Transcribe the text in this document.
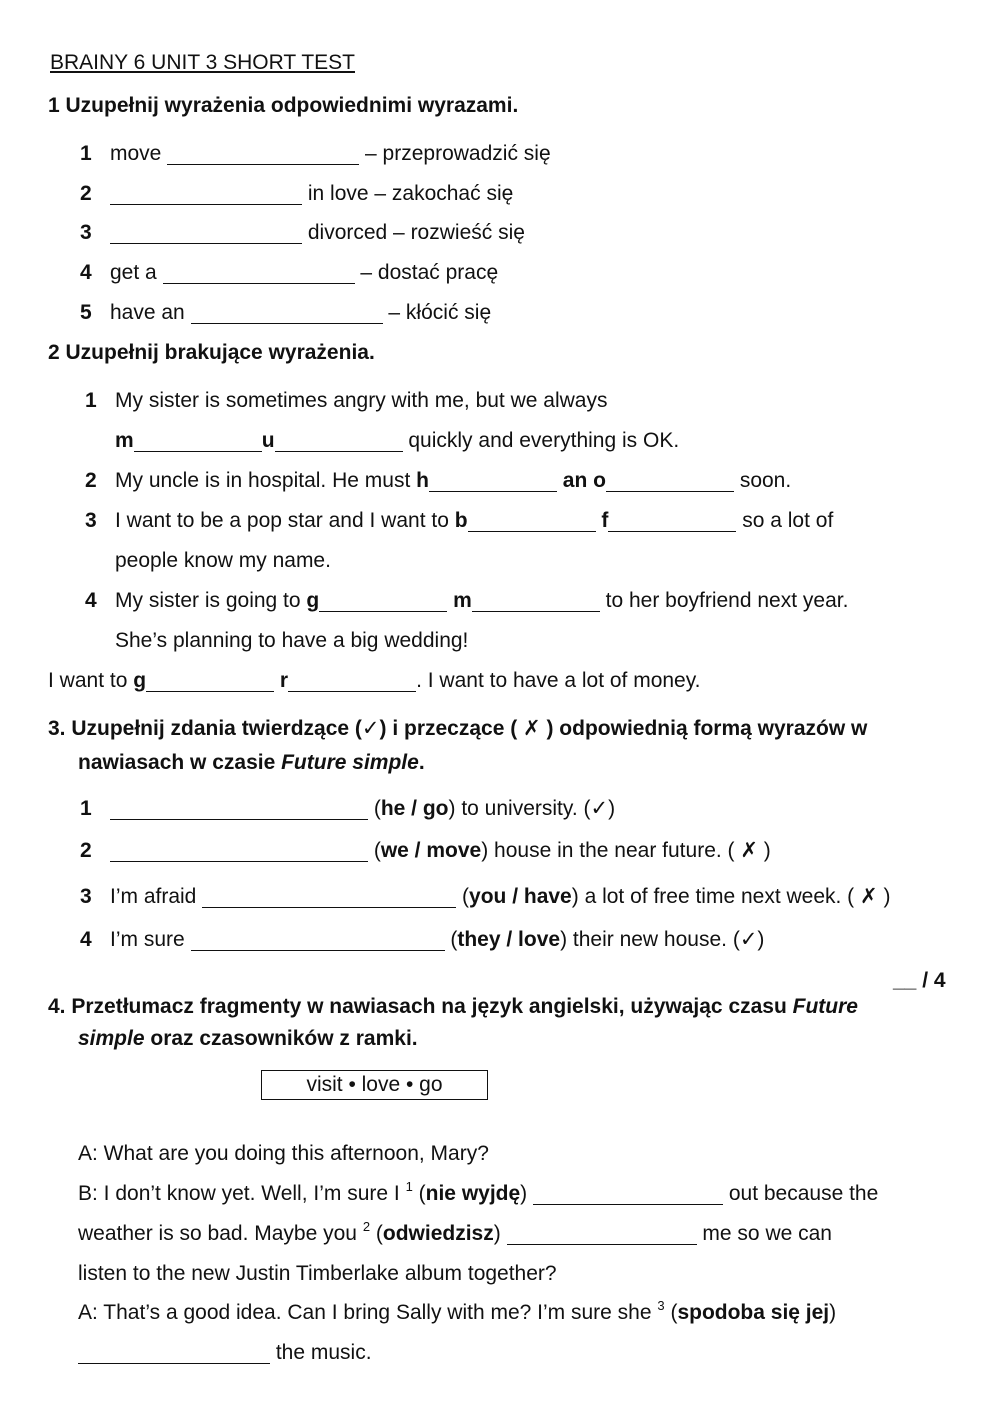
BRAINY 6 UNIT 3 SHORT TEST
1 Uzupełnij wyrażenia odpowiednimi wyrazami.
1 move	– przeprowadzić się
2	in love – zakochać się
3	divorced – rozwieść się
4 get a	– dostać pracę
5 have an	– kłócić się
2 Uzupełnij brakujące wyrażenia.
1 My sister is sometimes angry with me, but we always
m	u	quickly and everything is OK.
2 My uncle is in hospital. He must h	an o	soon.
3 I want to be a pop star and I want to b	f	so a lot of
people know my name.
4 My sister is going to g	m	to her boyfriend next year.
She’s planning to have a big wedding!
I want to g	r	. I want to have a lot of money.
3. Uzupełnij zdania twierdzące (✓) i przeczące ( ✗ ) odpowiednią formą wyrazów w
nawiasach w czasie Future simple.
1	(he / go) to university. (✓)
2	(we / move) house in the near future. ( ✗ )
3 I’m afraid	(you / have) a lot of free time next week. ( ✗ )
4 I’m sure	(they / love) their new house. (✓)
__ / 4
4. Przetłumacz fragmenty w nawiasach na język angielski, używając czasu Future
simple oraz czasowników z ramki.
visit • love • go
A: What are you doing this afternoon, Mary?
B: I don’t know yet. Well, I’m sure I $^1$ (nie wyjdę)	out because the
weather is so bad. Maybe you $^2$ (odwiedzisz)	me so we can
listen to the new Justin Timberlake album together?
A: That’s a good idea. Can I bring Sally with me? I’m sure she $^3$ (spodoba się jej)
the music.
